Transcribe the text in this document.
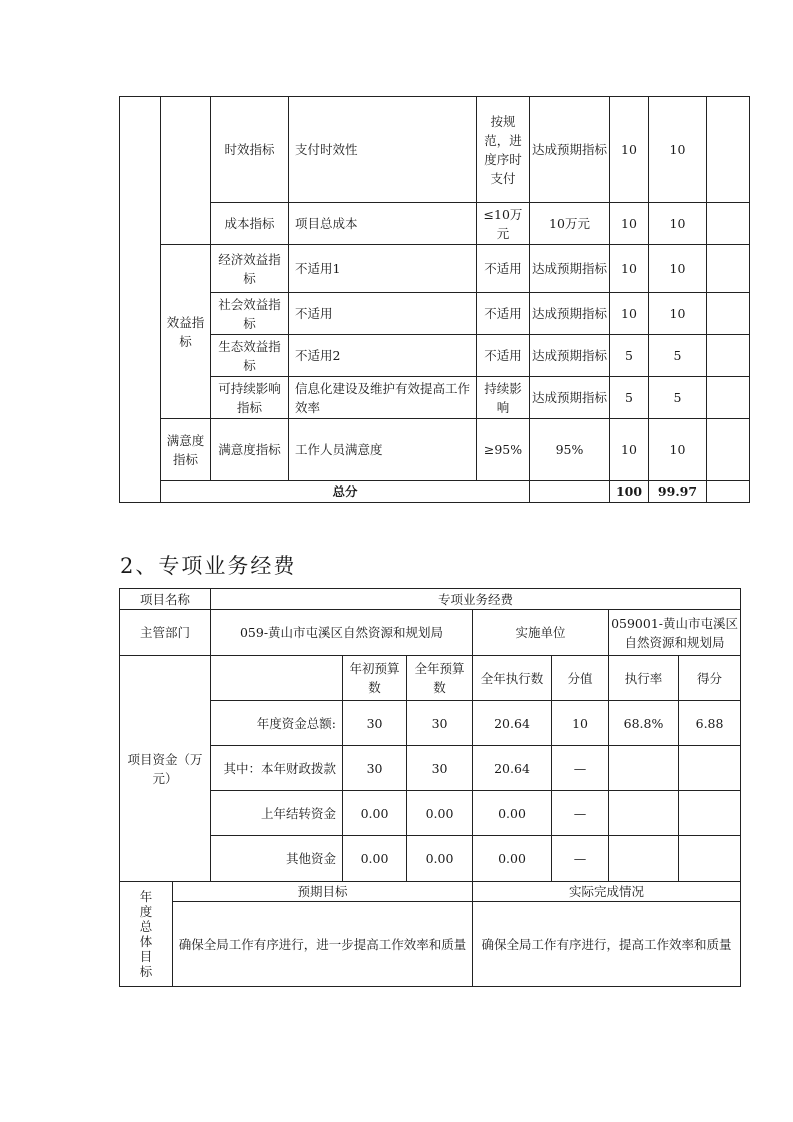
		时效指标	支付时效性	按规范，进度序时支付	达成预期指标	10	10	
		成本指标	项目总成本	≤10万元	10万元	10	10	
	效益指标	经济效益指标	不适用1	不适用	达成预期指标	10	10	
		社会效益指标	不适用	不适用	达成预期指标	10	10	
		生态效益指标	不适用2	不适用	达成预期指标	5	5	
		可持续影响指标	信息化建设及维护有效提高工作效率	持续影响	达成预期指标	5	5	
	满意度指标	满意度指标	工作人员满意度	≥95%	95%	10	10	
	总分					100	99.97	
2、专项业务经费
项目名称		专项业务经费						
主管部门		059-黄山市屯溪区自然资源和规划局			实施单位		059001-黄山市屯溪区自然资源和规划局	
项目资金（万元）			年初预算数	全年预算数	全年执行数	分值	执行率	得分
		年度资金总额:	30	30	20.64	10	68.8%	6.88
		其中：本年财政拨款	30	30	20.64	—		
		上年结转资金	0.00	0.00	0.00	—		
		其他资金	0.00	0.00	0.00	—		
年度总体目标	预期目标				实际完成情况			
	确保全局工作有序进行，进一步提高工作效率和质量				确保全局工作有序进行，提高工作效率和质量			
